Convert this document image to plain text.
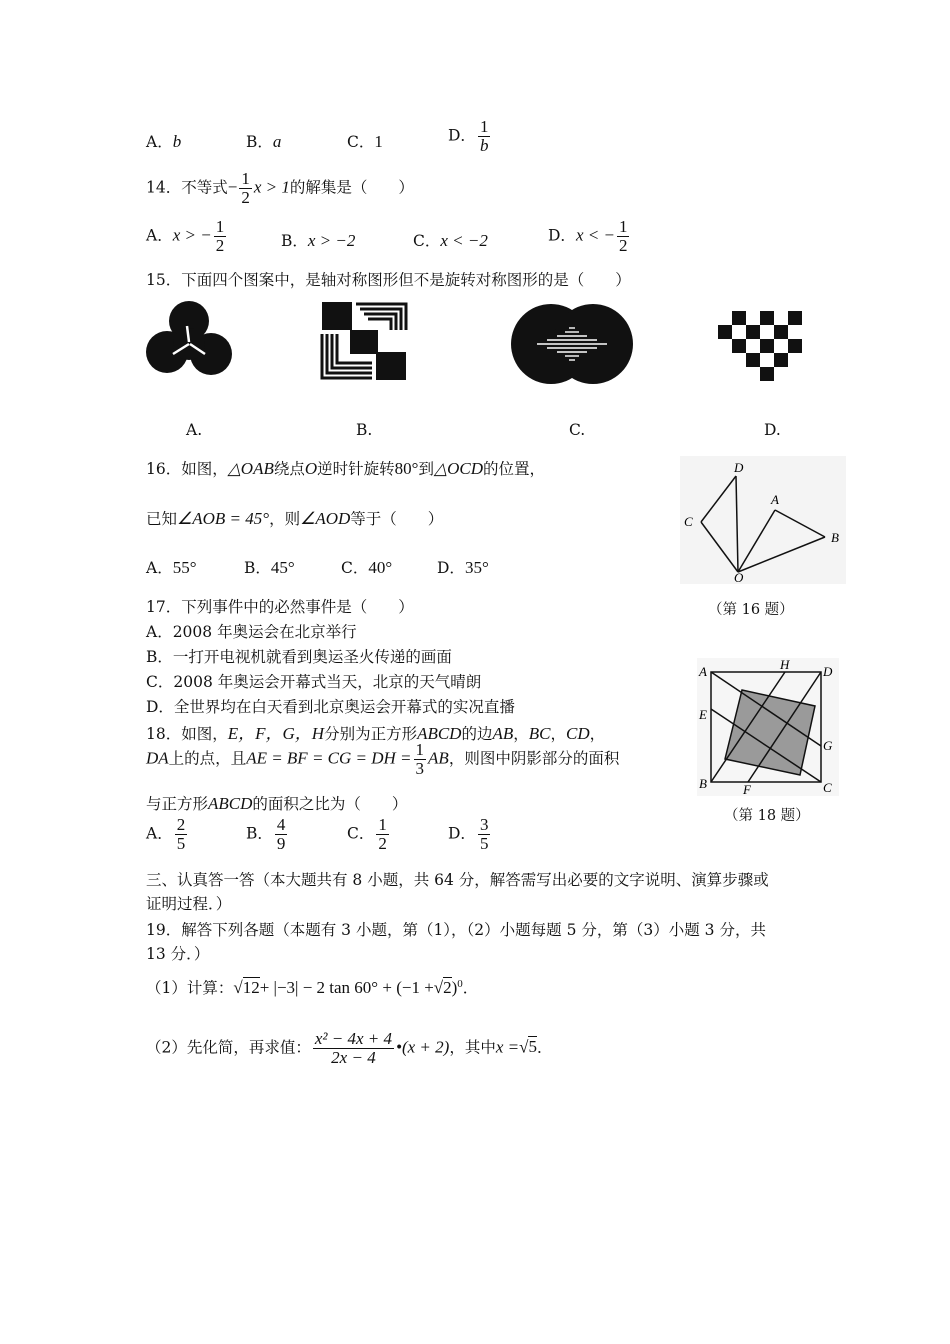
A．b	B．a	C．1	D． $\frac{1}{b}$
14．不等式− $\frac{1}{2}$ x > 1的解集是（　　）
A．x > − $\frac{1}{2}$	B．x > −2	C．x < −2	D．x < − $\frac{1}{2}$
15．下面四个图案中，是轴对称图形但不是旋转对称图形的是（　　）
A.	B.	C.	D.
16．如图，△OAB绕点O逆时针旋转80°到△OCD的位置，
已知∠AOB = 45°，则∠AOD等于（　　）
A．55°	B．45°	C．40°	D．35°
D
A
C
B
O
（第 16 题）
17．下列事件中的必然事件是（　　）
A．2008 年奥运会在北京举行
B．一打开电视机就看到奥运圣火传递的画面
C．2008 年奥运会开幕式当天，北京的天气晴朗
D．全世界均在白天看到北京奥运会开幕式的实况直播
18．如图，E，F，G，H分别为正方形ABCD的边AB，BC，CD，
DA上的点，且AE = BF = CG = DH = $\frac{1}{3}$ AB，则图中阴影部分的面积
与正方形ABCD的面积之比为（　　）
A． $\frac{2}{5}$	B． $\frac{4}{9}$	C． $\frac{1}{2}$	D． $\frac{3}{5}$
A	H	D
E
G
B	F	C
（第 18 题）
三、认真答一答（本大题共有 8 小题，共 64 分，解答需写出必要的文字说明、演算步骤或
证明过程．）
19．解答下列各题（本题有 3 小题，第（1），（2）小题每题 5 分，第（3）小题 3 分，共
13 分．）
（1）计算：√12+ |−3| − 2 $\tan 60^\circ + (-1 +√2)^0$．
（2）先化简，再求值： $\frac{\text{x² − 4x + 4}}{2x - 4}$ •(x + 2)，其中x =√5．
